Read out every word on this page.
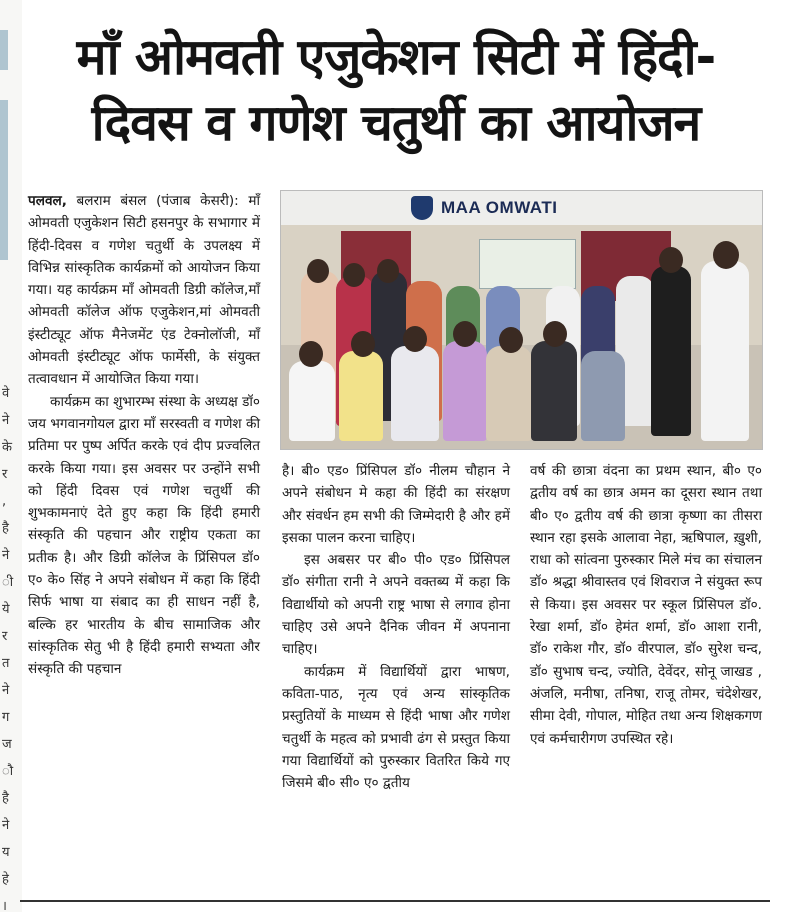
वे
ने
के
र
,
है
ने
ी
ये
र
त
ने
ग
ज
ौ
है
ने
य
हे
।
माँ ओमवती एजुकेशन सिटी में हिंदी-
दिवस व गणेश चतुर्थी का आयोजन

पलवल, बलराम बंसल (पंजाब केसरी): माँ ओमवती एजुकेशन सिटी हसनपुर के सभागार में हिंदी-दिवस व गणेश चतुर्थी के उपलक्ष्य में विभिन्न सांस्कृतिक कार्यक्रमों को आयोजन किया गया। यह कार्यक्रम माँ ओमवती डिग्री कॉलेज,माँ ओमवती कॉलेज ऑफ एजुकेशन,मां ओमवती इंस्टीट्यूट ऑफ मैनेजमेंट एंड टेक्नोलॉजी, मॉं ओमवती इंस्टीट्यूट ऑफ फार्मेसी, के संयुक्त तत्वावधान में आयोजित किया गया।

कार्यक्रम का शुभारम्भ संस्था के अध्यक्ष डॉ० जय भगवानगोयल द्वारा माँ सरस्वती व गणेश की प्रतिमा पर पुष्प अर्पित करके एवं दीप प्रज्वलित करके किया गया। इस अवसर पर उन्होंने सभी को हिंदी दिवस एवं गणेश चतुर्थी की शुभकामनाएं देते हुए कहा कि हिंदी हमारी संस्कृति की पहचान और राष्ट्रीय एकता का प्रतीक है। और डिग्री कॉलेज के प्रिंसिपल डॉ० ए० के० सिंह ने अपने संबोधन में कहा कि हिंदी सिर्फ भाषा या संबाद का ही साधन नहीं है, बल्कि हर भारतीय के बीच सामाजिक और सांस्कृतिक सेतु भी है हिंदी हमारी सभ्यता और संस्कृति की पहचान

MAA OMWATI

है। बी० एड० प्रिंसिपल डॉ० नीलम चौहान ने अपने संबोधन मे कहा की हिंदी का संरक्षण और संवर्धन हम सभी की जिम्मेदारी है और हमें इसका पालन करना चाहिए।

इस अबसर पर बी० पी० एड० प्रिंसिपल डॉ० संगीता रानी ने अपने वक्तब्य में कहा कि विद्यार्थीयो को अपनी राष्ट्र भाषा से लगाव होना चाहिए उसे अपने दैनिक जीवन में अपनाना चाहिए।

कार्यक्रम में विद्यार्थियों द्वारा भाषण, कविता-पाठ, नृत्य एवं अन्य सांस्कृतिक प्रस्तुतियों के माध्यम से हिंदी भाषा और गणेश चतुर्थी के महत्व को प्रभावी ढंग से प्रस्तुत किया गया विद्यार्थियों को पुरुस्कार वितरित किये गए जिसमे बी० सी० ए० द्वतीय

वर्ष की छात्रा वंदना का प्रथम स्थान, बी० ए० द्वतीय वर्ष का छात्र अमन का दूसरा स्थान तथा बी० ए० द्वतीय वर्ष की छात्रा कृष्णा का तीसरा स्थान रहा इसके आलावा नेहा, ऋषिपाल, ख़ुशी, राधा को सांत्वना पुरुस्कार मिले मंच का संचालन डॉ० श्रद्धा श्रीवास्तव एवं शिवराज ने संयुक्त रूप से किया। इस अवसर पर स्कूल प्रिंसिपल डॉ०. रेखा शर्मा, डॉ० हेमंत शर्मा, डॉ० आशा रानी, डॉ० राकेश गौर, डॉ० वीरपाल, डॉ० सुरेश चन्द, डॉ० सुभाष चन्द, ज्योति, देवेंदर, सोनू जाखड , अंजलि, मनीषा, तनिषा, राजू तोमर, चंदेशेखर, सीमा देवी, गोपाल, मोहित तथा अन्य शिक्षकगण एवं कर्मचारीगण उपस्थित रहे।
